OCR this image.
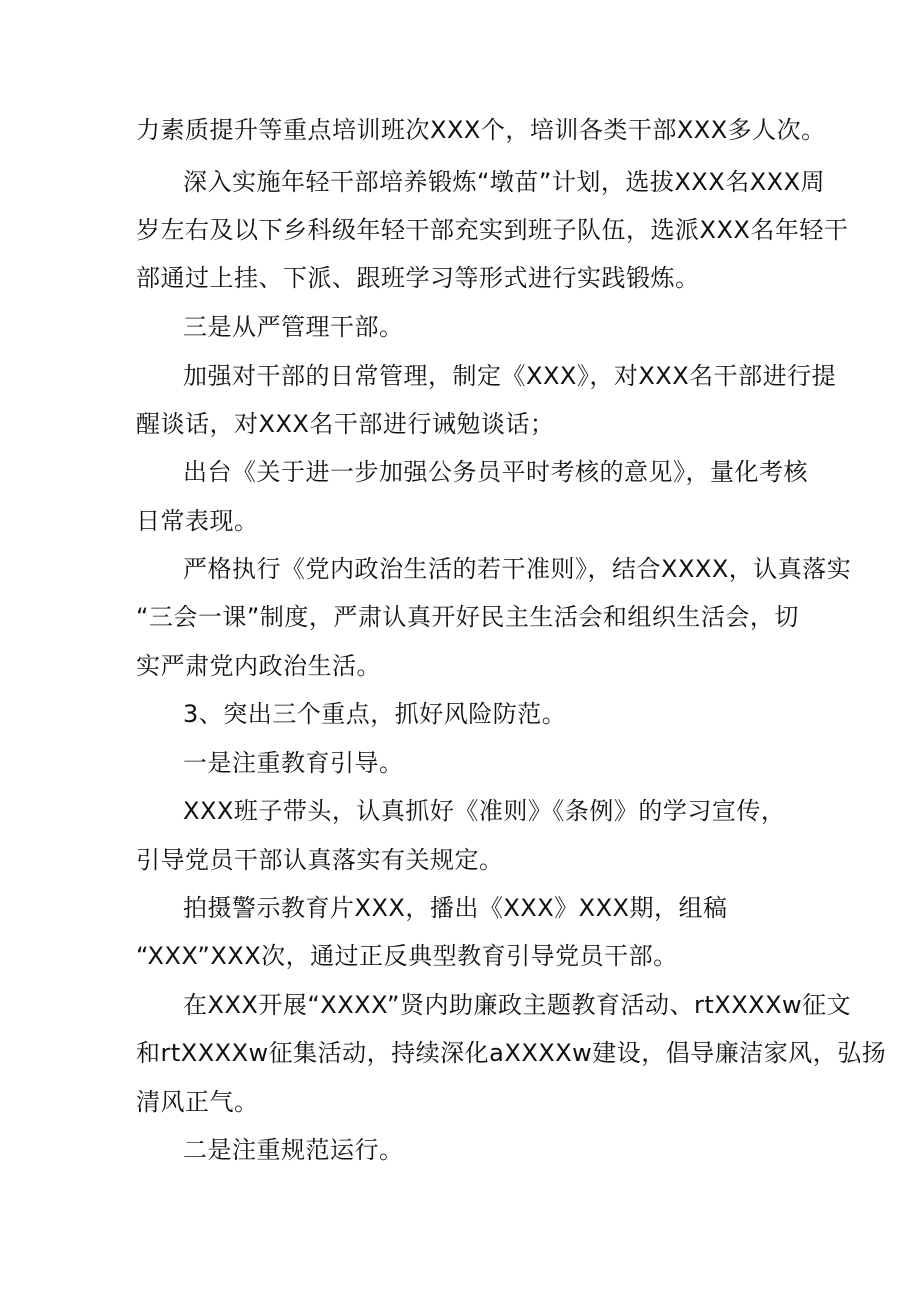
力素质提升等重点培训班次XXX个，培训各类干部XXX多人次。
深入实施年轻干部培养锻炼“墩苗”计划，选拔XXX名XXX周
岁左右及以下乡科级年轻干部充实到班子队伍，选派XXX名年轻干
部通过上挂、下派、跟班学习等形式进行实践锻炼。
三是从严管理干部。
加强对干部的日常管理，制定《XXX》，对XXX名干部进行提
醒谈话，对XXX名干部进行诫勉谈话；
出台《关于进一步加强公务员平时考核的意见》，量化考核
日常表现。
严格执行《党内政治生活的若干准则》，结合XXXX，认真落实
“三会一课”制度，严肃认真开好民主生活会和组织生活会，切
实严肃党内政治生活。
3、突出三个重点，抓好风险防范。
一是注重教育引导。
XXX班子带头，认真抓好《准则》《条例》的学习宣传，
引导党员干部认真落实有关规定。
拍摄警示教育片XXX，播出《XXX》XXX期，组稿
“XXX”XXX次，通过正反典型教育引导党员干部。
在XXX开展“XXXX”贤内助廉政主题教育活动、rtXXXXw征文
和rtXXXXw征集活动，持续深化aXXXXw建设，倡导廉洁家风，弘扬
清风正气。
二是注重规范运行。
